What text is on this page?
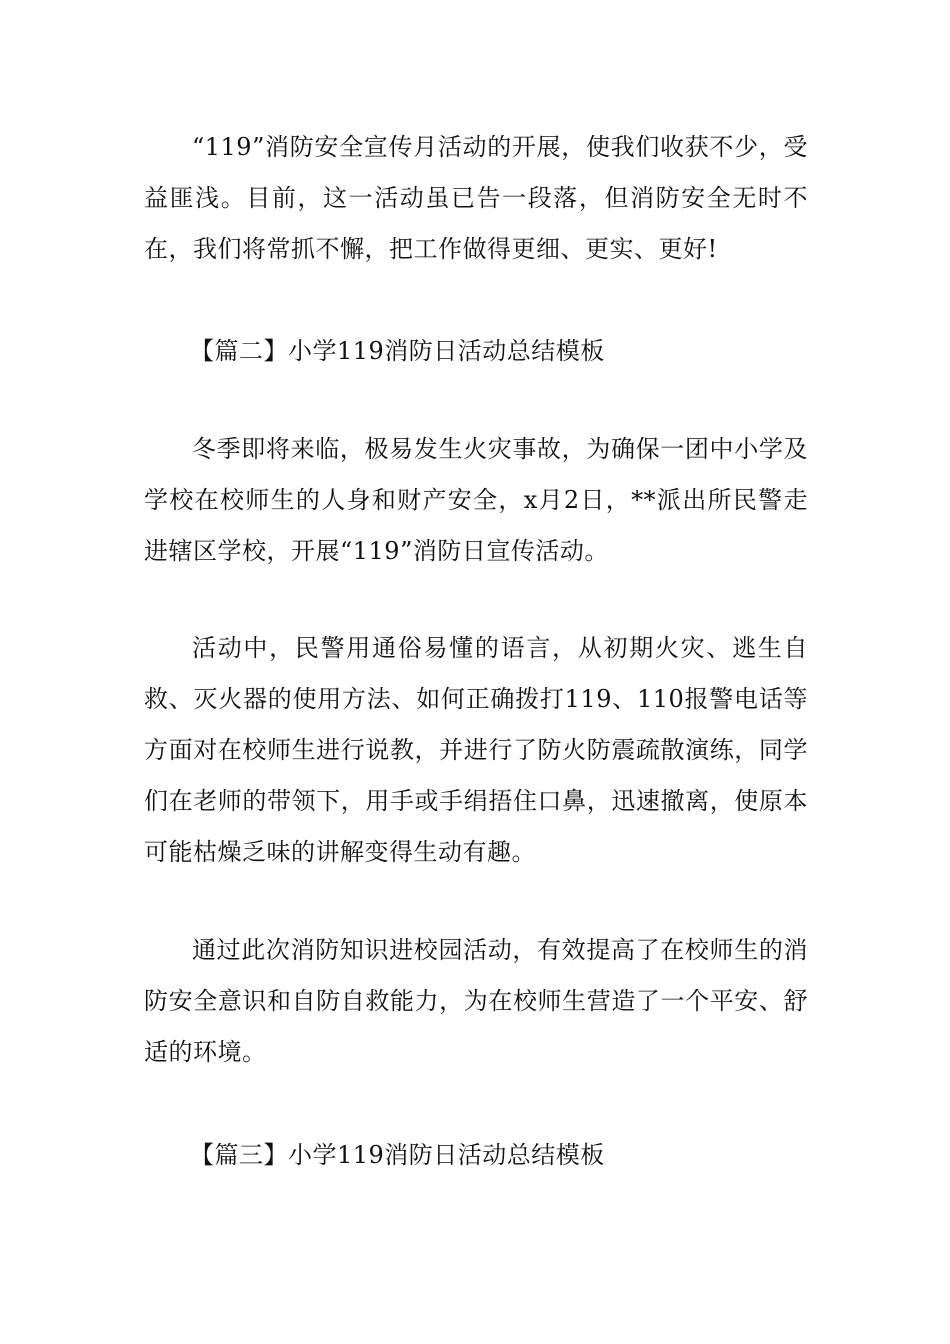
“119”消防安全宣传月活动的开展，使我们收获不少，受益匪浅。目前，这一活动虽已告一段落，但消防安全无时不在，我们将常抓不懈，把工作做得更细、更实、更好!

【篇二】小学119消防日活动总结模板

冬季即将来临，极易发生火灾事故，为确保一团中小学及学校在校师生的人身和财产安全，x月2日，**派出所民警走进辖区学校，开展“119”消防日宣传活动。

活动中，民警用通俗易懂的语言，从初期火灾、逃生自救、灭火器的使用方法、如何正确拨打119、110报警电话等方面对在校师生进行说教，并进行了防火防震疏散演练，同学们在老师的带领下，用手或手绢捂住口鼻，迅速撤离，使原本可能枯燥乏味的讲解变得生动有趣。

通过此次消防知识进校园活动，有效提高了在校师生的消防安全意识和自防自救能力，为在校师生营造了一个平安、舒适的环境。

【篇三】小学119消防日活动总结模板
